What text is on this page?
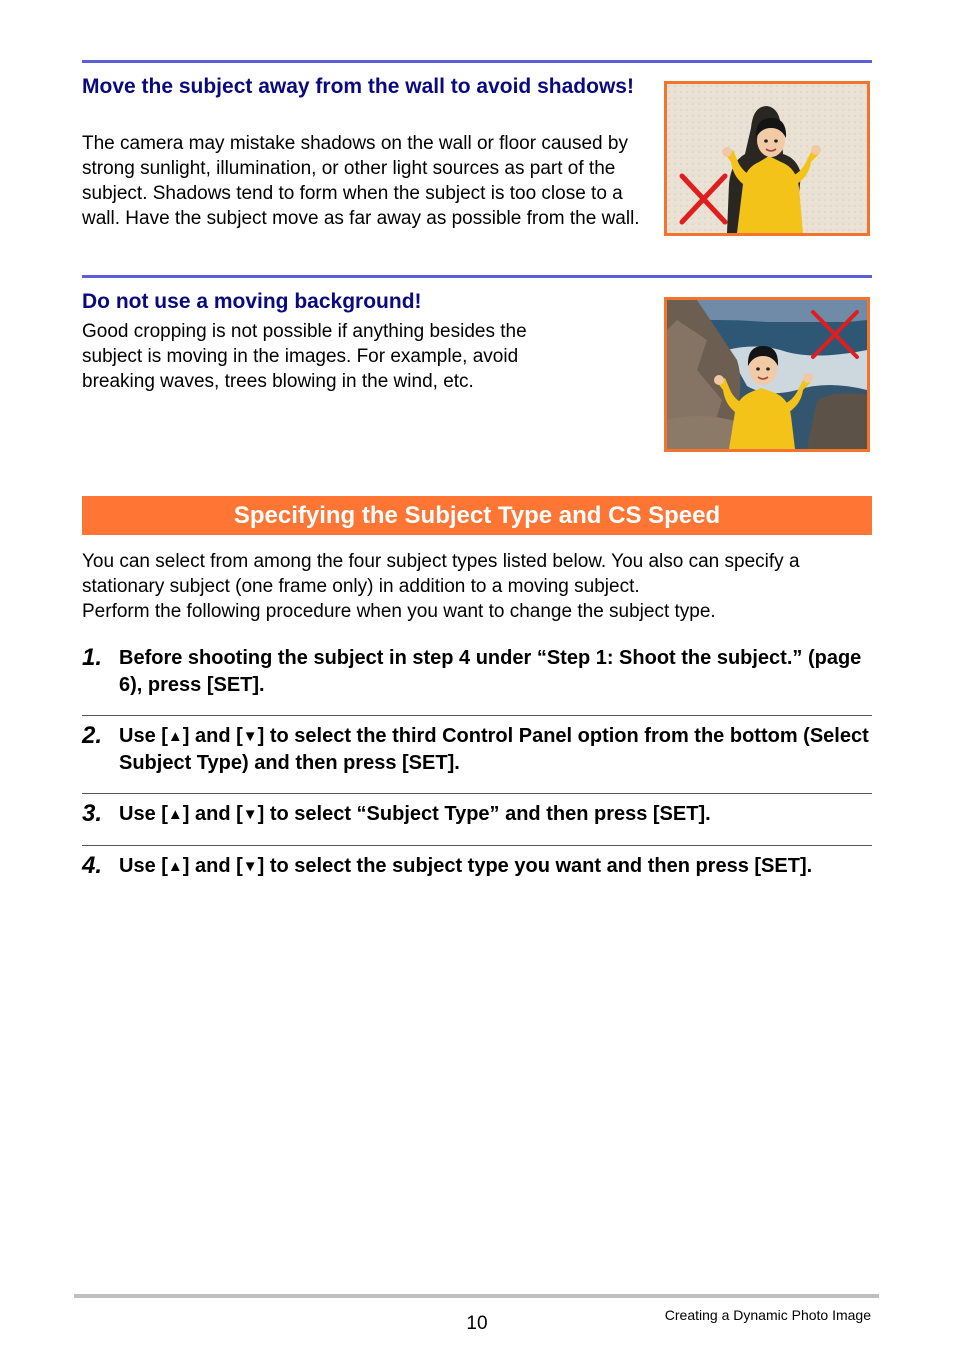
Move the subject away from the wall to avoid shadows!

The camera may mistake shadows on the wall or floor caused by strong sunlight, illumination, or other light sources as part of the subject. Shadows tend to form when the subject is too close to a wall. Have the subject move as far away as possible from the wall.

Do not use a moving background!

Good cropping is not possible if anything besides the subject is moving in the images. For example, avoid breaking waves, trees blowing in the wind, etc.

Specifying the Subject Type and CS Speed

You can select from among the four subject types listed below. You also can specify a stationary subject (one frame only) in addition to a moving subject.
Perform the following procedure when you want to change the subject type.

1. Before shooting the subject in step 4 under “Step 1: Shoot the subject.” (page 6), press [SET].

2. Use [▲] and [▼] to select the third Control Panel option from the bottom (Select Subject Type) and then press [SET].

3. Use [▲] and [▼] to select “Subject Type” and then press [SET].

4. Use [▲] and [▼] to select the subject type you want and then press [SET].

10	Creating a Dynamic Photo Image
